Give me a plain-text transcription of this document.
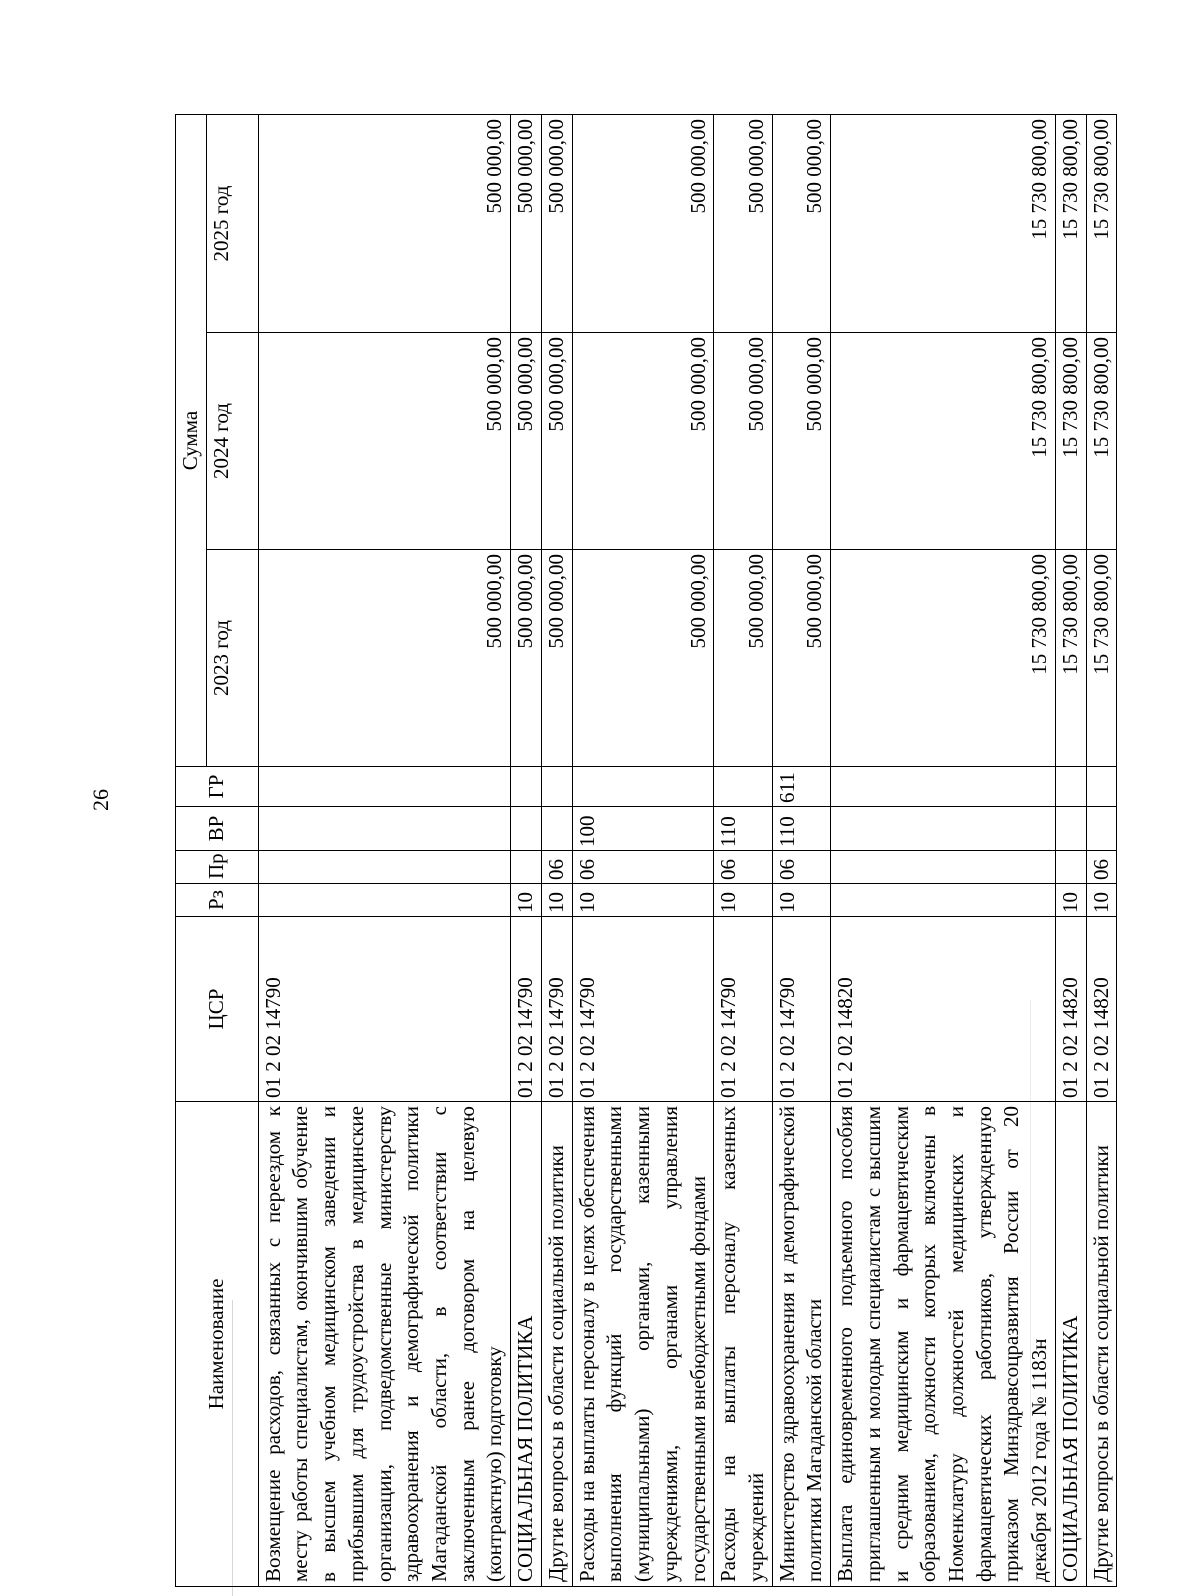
26
Наименование	ЦСР	Рз	Пр	ВР	ГР	Сумма		
						2023 год	2024 год	2025 год
Возмещение расходов, связанных с переездом к месту работы специалистам, окончившим обучение в высшем учебном медицинском заведении и прибывшим для трудоустройства в медицинские организации, подведомственные министерству здравоохранения и демографической политики Магаданской области, в соответствии с заключенным ранее договором на целевую (контрактную) подготовку	01 2 02 14790					500 000,00	500 000,00	500 000,00
СОЦИАЛЬНАЯ ПОЛИТИКА	01 2 02 14790	10				500 000,00	500 000,00	500 000,00
Другие вопросы в области социальной политики	01 2 02 14790	10	06			500 000,00	500 000,00	500 000,00
Расходы на выплаты персоналу в целях обеспечения выполнения функций государственными (муниципальными) органами, казенными учреждениями, органами управления государственными внебюджетными фондами	01 2 02 14790	10	06	100		500 000,00	500 000,00	500 000,00
Расходы на выплаты персоналу казенных учреждений	01 2 02 14790	10	06	110		500 000,00	500 000,00	500 000,00
Министерство здравоохранения и демографической политики Магаданской области	01 2 02 14790	10	06	110	611	500 000,00	500 000,00	500 000,00
Выплата единовременного подъемного пособия приглашенным и молодым специалистам с высшим и средним медицинским и фармацевтическим образованием, должности которых включены в Номенклатуру должностей медицинских и фармацевтических работников, утвержденную приказом Минздравсоцразвития России от 20 декабря 2012 года № 1183н	01 2 02 14820					15 730 800,00	15 730 800,00	15 730 800,00
СОЦИАЛЬНАЯ ПОЛИТИКА	01 2 02 14820	10				15 730 800,00	15 730 800,00	15 730 800,00
Другие вопросы в области социальной политики	01 2 02 14820	10	06			15 730 800,00	15 730 800,00	15 730 800,00
